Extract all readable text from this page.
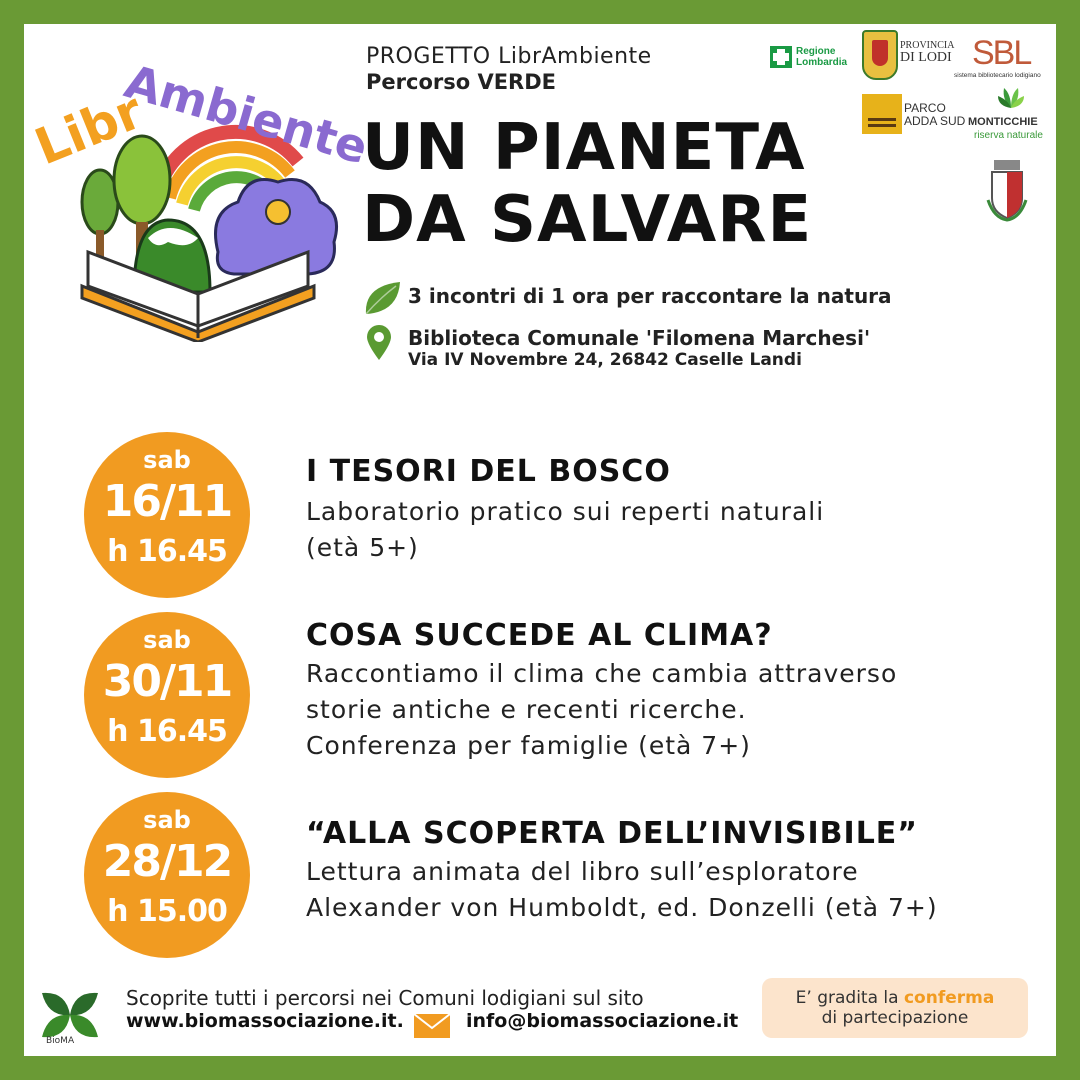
Libr
Ambiente
PROGETTO LibrAmbiente
Percorso VERDE
UN PIANETA
DA SALVARE
Regione
Lombardia
PROVINCIA
DI LODI SBL
sistema bibliotecario lodigiano
PARCO
ADDA SUD MONTICCHIE
riserva naturale
3 incontri di 1 ora per raccontare la natura
Biblioteca Comunale 'Filomena Marchesi'
Via IV Novembre 24, 26842 Caselle Landi
sab
16/11
h 16.45
I TESORI DEL BOSCO
Laboratorio pratico sui reperti naturali
(età 5+)
sab
30/11
h 16.45
COSA SUCCEDE AL CLIMA?
Raccontiamo il clima che cambia attraverso
storie antiche e recenti ricerche.
Conferenza per famiglie (età 7+)
sab
28/12
h 15.00
“ALLA SCOPERTA DELL’INVISIBILE”
Lettura animata del libro sull’esploratore
Alexander von Humboldt, ed. Donzelli (età 7+)
BioMA
Scoprite tutti i percorsi nei Comuni lodigiani sul sito
www.biomassociazione.it.	info@biomassociazione.it
E’ gradita la conferma
di partecipazione
